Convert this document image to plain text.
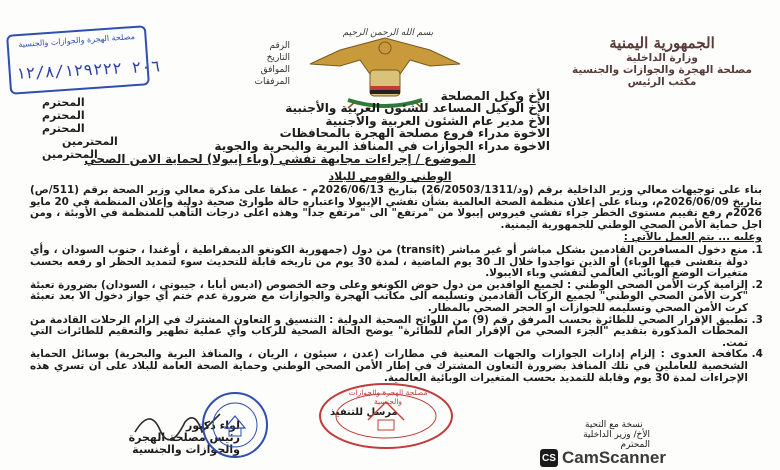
الجمهورية اليمنية
وزارة الداخلية
مصلحة الهجرة والجوازات والجنسية
مكتب الرئيس
بسم الله الرحمن الرحيم
الرقم
التاريخ
الموافق
المرفقات
مصلحة الهجرة والجوازات والجنسية
٢٠٦ ١٢/٨/١٢٩٢٢٢
الأخ وكيل المصلحة
الأخ الوكيل المساعد للشئون العربية والأجنبية
الأخ مدير عام الشئون العربية والأجنبية
الاخوة مدراء فروع مصلحة الهجرة بالمحافظات
الاخوة مدراء الجوازات في المنافذ البرية والبحرية والجوية
المحترم
المحترم
المحترم
المحترمين
المحترمين
الموضوع / إجراءات مجابهة تفشي (وباء إيبولا) لحماية الامن الصحي
الوطني والقومي للبلاد

بناء على توجيهات معالي وزير الداخلية برقم (ود/26/20503/1311) بتاريخ 2026/06/13م - عطفا على مذكرة معالي وزير الصحة برقم (511/ص) بتاريخ 2026/06/09م، وبناء على إعلان منظمة الصحة العالمية بشأن تفشي الإيبولا واعتباره حالة طوارئ صحية دولية وإعلان المنظمة في 20 مايو 2026م رفع تقييم مستوى الخطر جراء تفشي فيروس إيبولا من "مرتفع" الى "مرتفع جدا" وهذه اعلى درجات التأهب للمنظمة في الأوبئة ، ومن اجل حماية الأمن الصحي الوطني للجمهورية اليمنية.

وعليه ... يتم العمل بالآتي :

1. منع دخول المسافرين القادمين بشكل مباشر أو غير مباشر (transit) من دول (جمهورية الكونغو الديمقراطية ، أوغندا ، جنوب السودان ، وأي دولة يتفشى فيها الوباء) أو الذين تواجدوا خلال الـ 30 يوم الماضية ، لمدة 30 يوم من تاريخه قابلة للتحديث سوء لتمديد الحظر او رفعه بحسب متغيرات الوضع الوبائي العالمي لتفشي وباء الايبولا.
2. إلزامية كرت الأمن الصحي الوطني : لجميع الوافدين من دول حوض الكونغو وعلى وجه الخصوص (اديس أبابا ، جيبوتي ، السودان) بضرورة تعبئة "كرت الأمن الصحي الوطني" لجميع الركاب القادمين وتسليمه الى مكاتب الهجرة والجوازات مع ضرورة عدم ختم أي جواز دخول الا بعد تعبئة كرت الأمن الصحي وتسليمه للجوازات او الحجر الصحي بالمطار.
3. تطبيق الإقرار الصحي للطائرة بحسب المرفق رقم (9) من اللوائح الصحية الدولية : التنسيق و التعاون المشترك في إلزام الرحلات القادمة من المحطات المذكورة بتقديم "الجزء الصحي من الإقرار العام للطائرة" يوضح الحالة الصحية للركاب وأي عملية تطهير والتعقيم للطائرات التي تمت.
4. مكافحة العدوى : إلزام إدارات الجوازات والجهات المعنية في مطارات (عدن ، سيئون ، الريان ، والمنافذ البرية والبحرية) بوسائل الحماية الشخصية للعاملين في تلك المنافذ بضرورة التعاون المشترك في إطار الأمن الصحي الوطني وحماية الصحة العامة للبلاد على ان تسري هذه الإجراءات لمدة 30 يوم وقابلة للتمديد بحسب المتغيرات الوبائية العالمية.
مرسل للتنفيذ
لواء دكتور
رئيس مصلحة الهجرة
والجوازات والجنسية
مصلحة الهجرة والجوازات والجنسية
نسخة مع التحية
الأخ/ وزير الداخلية
المحترم
CS CamScanner
